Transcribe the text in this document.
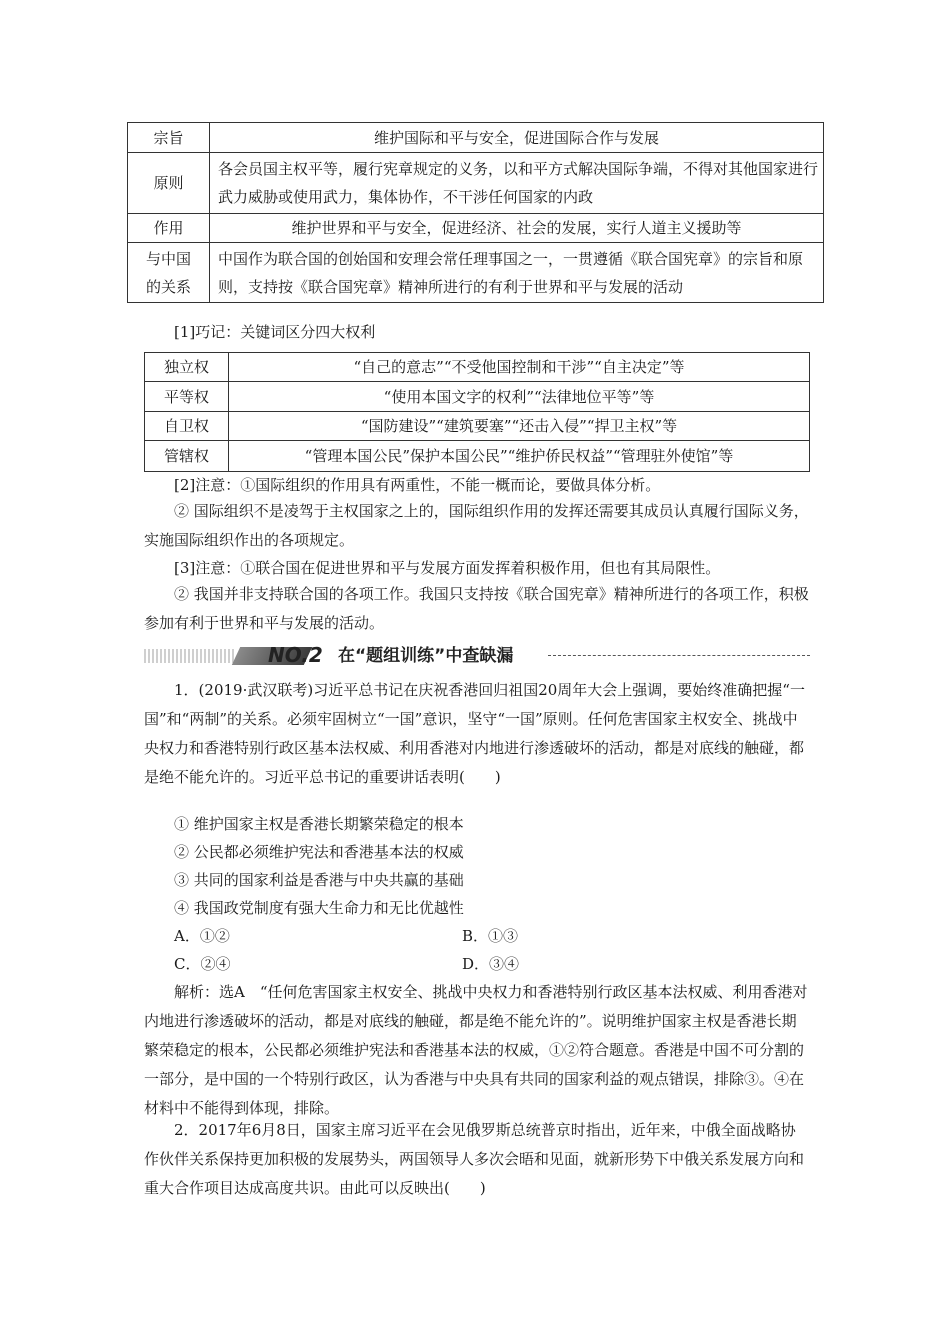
宗旨	维护国际和平与安全，促进国际合作与发展
原则	各会员国主权平等，履行宪章规定的义务，以和平方式解决国际争端，不得对其他国家进行武力威胁或使用武力，集体协作，不干涉任何国家的内政
作用	维护世界和平与安全，促进经济、社会的发展，实行人道主义援助等
与中国
的关系	中国作为联合国的创始国和安理会常任理事国之一，一贯遵循《联合国宪章》的宗旨和原则，支持按《联合国宪章》精神所进行的有利于世界和平与发展的活动
[1]巧记：关键词区分四大权利
独立权	“自己的意志”“不受他国控制和干涉”“自主决定”等
平等权	“使用本国文字的权利”“法律地位平等”等
自卫权	“国防建设”“建筑要塞”“还击入侵”“捍卫主权”等
管辖权	“管理本国公民”保护本国公民”“维护侨民权益”“管理驻外使馆”等
[2]注意：①国际组织的作用具有两重性，不能一概而论，要做具体分析。
② 国际组织不是凌驾于主权国家之上的，国际组织作用的发挥还需要其成员认真履行国际义务，实施国际组织作出的各项规定。
[3]注意：①联合国在促进世界和平与发展方面发挥着积极作用，但也有其局限性。
② 我国并非支持联合国的各项工作。我国只支持按《联合国宪章》精神所进行的各项工作，积极参加有利于世界和平与发展的活动。
NO.2 在“题组训练”中查缺漏
1．(2019·武汉联考)习近平总书记在庆祝香港回归祖国20周年大会上强调，要始终准确把握“一国”和“两制”的关系。必须牢固树立“一国”意识，坚守“一国”原则。任何危害国家主权安全、挑战中央权力和香港特别行政区基本法权威、利用香港对内地进行渗透破坏的活动，都是对底线的触碰，都是绝不能允许的。习近平总书记的重要讲话表明(　　)
① 维护国家主权是香港长期繁荣稳定的根本
② 公民都必须维护宪法和香港基本法的权威
③ 共同的国家利益是香港与中央共赢的基础
④ 我国政党制度有强大生命力和无比优越性
A．①②	B．①③
C．②④	D．③④
解析：选A　“任何危害国家主权安全、挑战中央权力和香港特别行政区基本法权威、利用香港对内地进行渗透破坏的活动，都是对底线的触碰，都是绝不能允许的”。说明维护国家主权是香港长期繁荣稳定的根本，公民都必须维护宪法和香港基本法的权威，①②符合题意。香港是中国不可分割的一部分，是中国的一个特别行政区，认为香港与中央具有共同的国家利益的观点错误，排除③。④在材料中不能得到体现，排除。
2．2017年6月8日，国家主席习近平在会见俄罗斯总统普京时指出，近年来，中俄全面战略协作伙伴关系保持更加积极的发展势头，两国领导人多次会晤和见面，就新形势下中俄关系发展方向和重大合作项目达成高度共识。由此可以反映出(　　)
